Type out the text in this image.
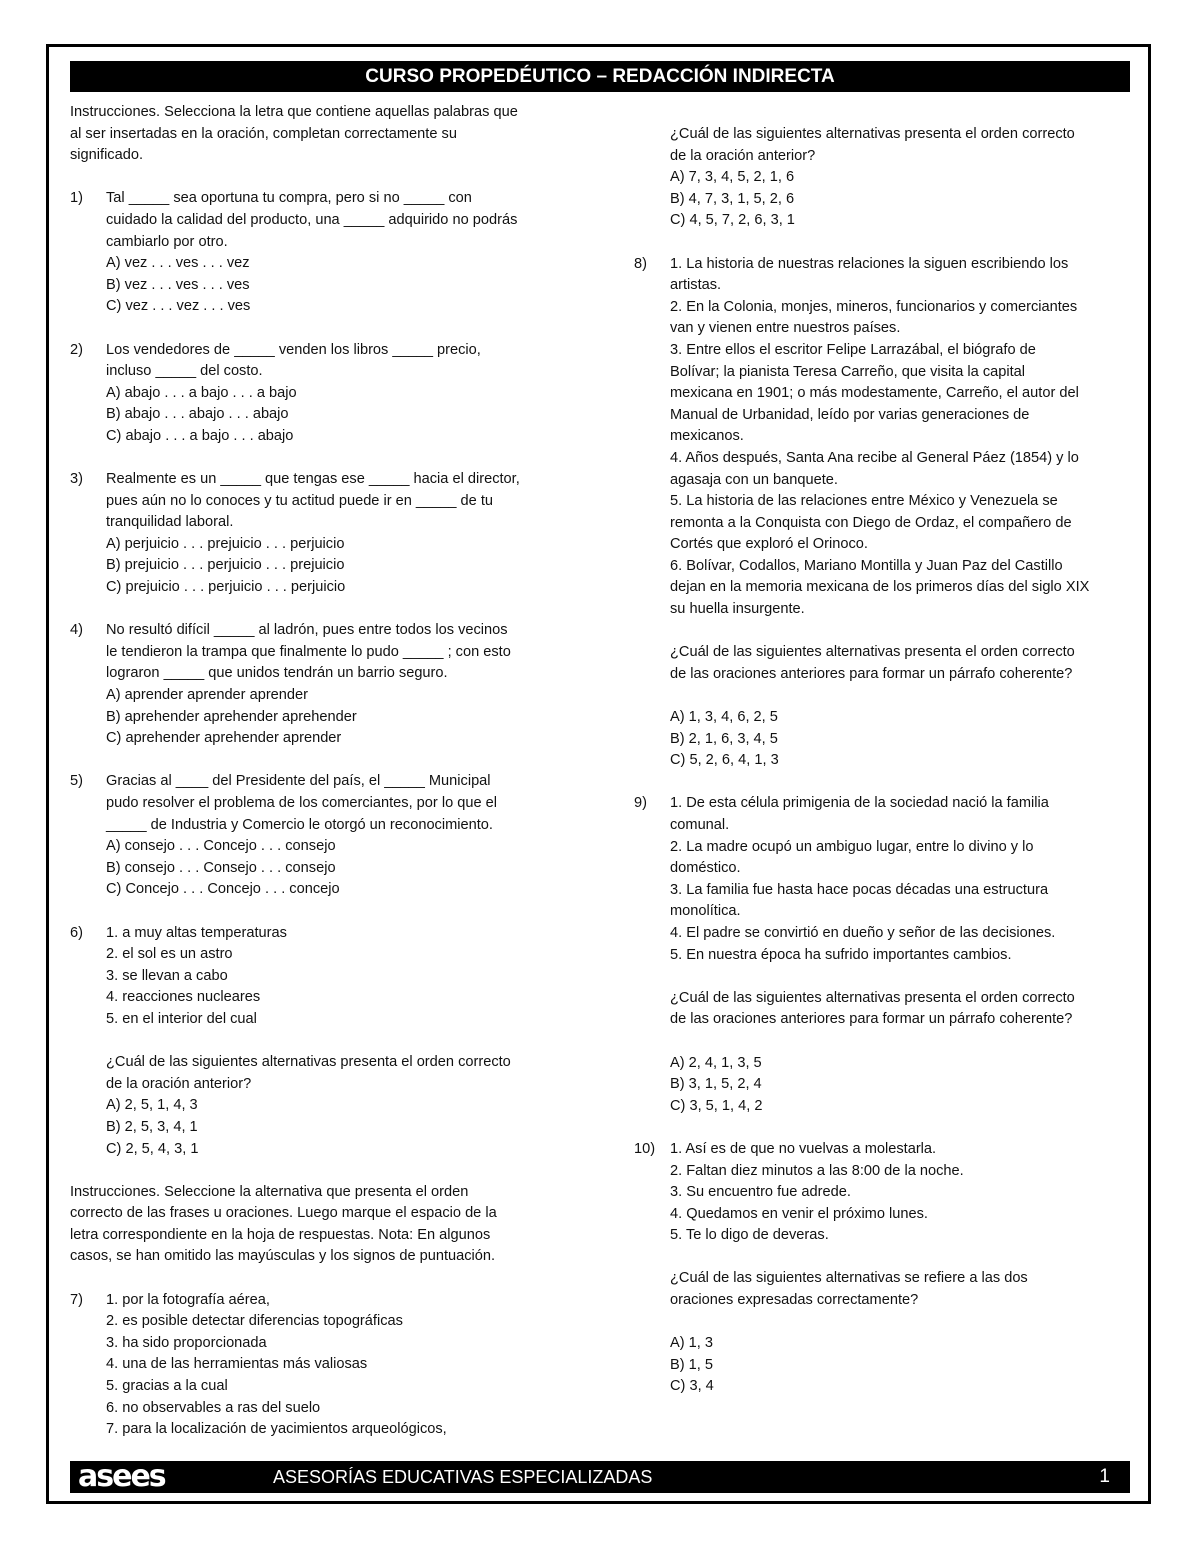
CURSO PROPEDÉUTICO – REDACCIÓN INDIRECTA
Instrucciones. Selecciona la letra que contiene aquellas palabras que
al ser insertadas en la oración, completan correctamente su
significado.
1) Tal _____ sea oportuna tu compra, pero si no _____ con
cuidado la calidad del producto, una _____ adquirido no podrás
cambiarlo por otro.
A) vez . . . ves . . . vez
B) vez . . . ves . . . ves
C) vez . . . vez . . . ves
2) Los vendedores de _____ venden los libros _____ precio,
incluso _____ del costo.
A) abajo . . . a bajo . . . a bajo
B) abajo . . . abajo . . . abajo
C) abajo . . . a bajo . . . abajo
3) Realmente es un _____ que tengas ese _____ hacia el director,
pues aún no lo conoces y tu actitud puede ir en _____ de tu
tranquilidad laboral.
A) perjuicio . . . prejuicio . . . perjuicio
B) prejuicio . . . perjuicio . . . prejuicio
C) prejuicio . . . perjuicio . . . perjuicio
4) No resultó difícil _____ al ladrón, pues entre todos los vecinos
le tendieron la trampa que finalmente lo pudo _____ ; con esto
lograron _____ que unidos tendrán un barrio seguro.
A) aprender aprender aprender
B) aprehender aprehender aprehender
C) aprehender aprehender aprender
5) Gracias al ____ del Presidente del país, el _____ Municipal
pudo resolver el problema de los comerciantes, por lo que el
_____ de Industria y Comercio le otorgó un reconocimiento.
A) consejo . . . Concejo . . . consejo
B) consejo . . . Consejo . . . consejo
C) Concejo . . . Concejo . . . concejo
6) 1. a muy altas temperaturas
2. el sol es un astro
3. se llevan a cabo
4. reacciones nucleares
5. en el interior del cual
¿Cuál de las siguientes alternativas presenta el orden correcto
de la oración anterior?
A) 2, 5, 1, 4, 3
B) 2, 5, 3, 4, 1
C) 2, 5, 4, 3, 1
Instrucciones. Seleccione la alternativa que presenta el orden
correcto de las frases u oraciones. Luego marque el espacio de la
letra correspondiente en la hoja de respuestas. Nota: En algunos
casos, se han omitido las mayúsculas y los signos de puntuación.
7) 1. por la fotografía aérea,
2. es posible detectar diferencias topográficas
3. ha sido proporcionada
4. una de las herramientas más valiosas
5. gracias a la cual
6. no observables a ras del suelo
7. para la localización de yacimientos arqueológicos,
¿Cuál de las siguientes alternativas presenta el orden correcto
de la oración anterior?
A) 7, 3, 4, 5, 2, 1, 6
B) 4, 7, 3, 1, 5, 2, 6
C) 4, 5, 7, 2, 6, 3, 1
8) 1. La historia de nuestras relaciones la siguen escribiendo los
artistas.
2. En la Colonia, monjes, mineros, funcionarios y comerciantes
van y vienen entre nuestros países.
3. Entre ellos el escritor Felipe Larrazábal, el biógrafo de
Bolívar; la pianista Teresa Carreño, que visita la capital
mexicana en 1901; o más modestamente, Carreño, el autor del
Manual de Urbanidad, leído por varias generaciones de
mexicanos.
4. Años después, Santa Ana recibe al General Páez (1854) y lo
agasaja con un banquete.
5. La historia de las relaciones entre México y Venezuela se
remonta a la Conquista con Diego de Ordaz, el compañero de
Cortés que exploró el Orinoco.
6. Bolívar, Codallos, Mariano Montilla y Juan Paz del Castillo
dejan en la memoria mexicana de los primeros días del siglo XIX
su huella insurgente.
¿Cuál de las siguientes alternativas presenta el orden correcto
de las oraciones anteriores para formar un párrafo coherente?
A) 1, 3, 4, 6, 2, 5
B) 2, 1, 6, 3, 4, 5
C) 5, 2, 6, 4, 1, 3
9) 1. De esta célula primigenia de la sociedad nació la familia
comunal.
2. La madre ocupó un ambiguo lugar, entre lo divino y lo
doméstico.
3. La familia fue hasta hace pocas décadas una estructura
monolítica.
4. El padre se convirtió en dueño y señor de las decisiones.
5. En nuestra época ha sufrido importantes cambios.
¿Cuál de las siguientes alternativas presenta el orden correcto
de las oraciones anteriores para formar un párrafo coherente?
A) 2, 4, 1, 3, 5
B) 3, 1, 5, 2, 4
C) 3, 5, 1, 4, 2
10) 1. Así es de que no vuelvas a molestarla.
2. Faltan diez minutos a las 8:00 de la noche.
3. Su encuentro fue adrede.
4. Quedamos en venir el próximo lunes.
5. Te lo digo de deveras.
¿Cuál de las siguientes alternativas se refiere a las dos
oraciones expresadas correctamente?
A) 1, 3
B) 1, 5
C) 3, 4
asees	ASESORÍAS EDUCATIVAS ESPECIALIZADAS	1
